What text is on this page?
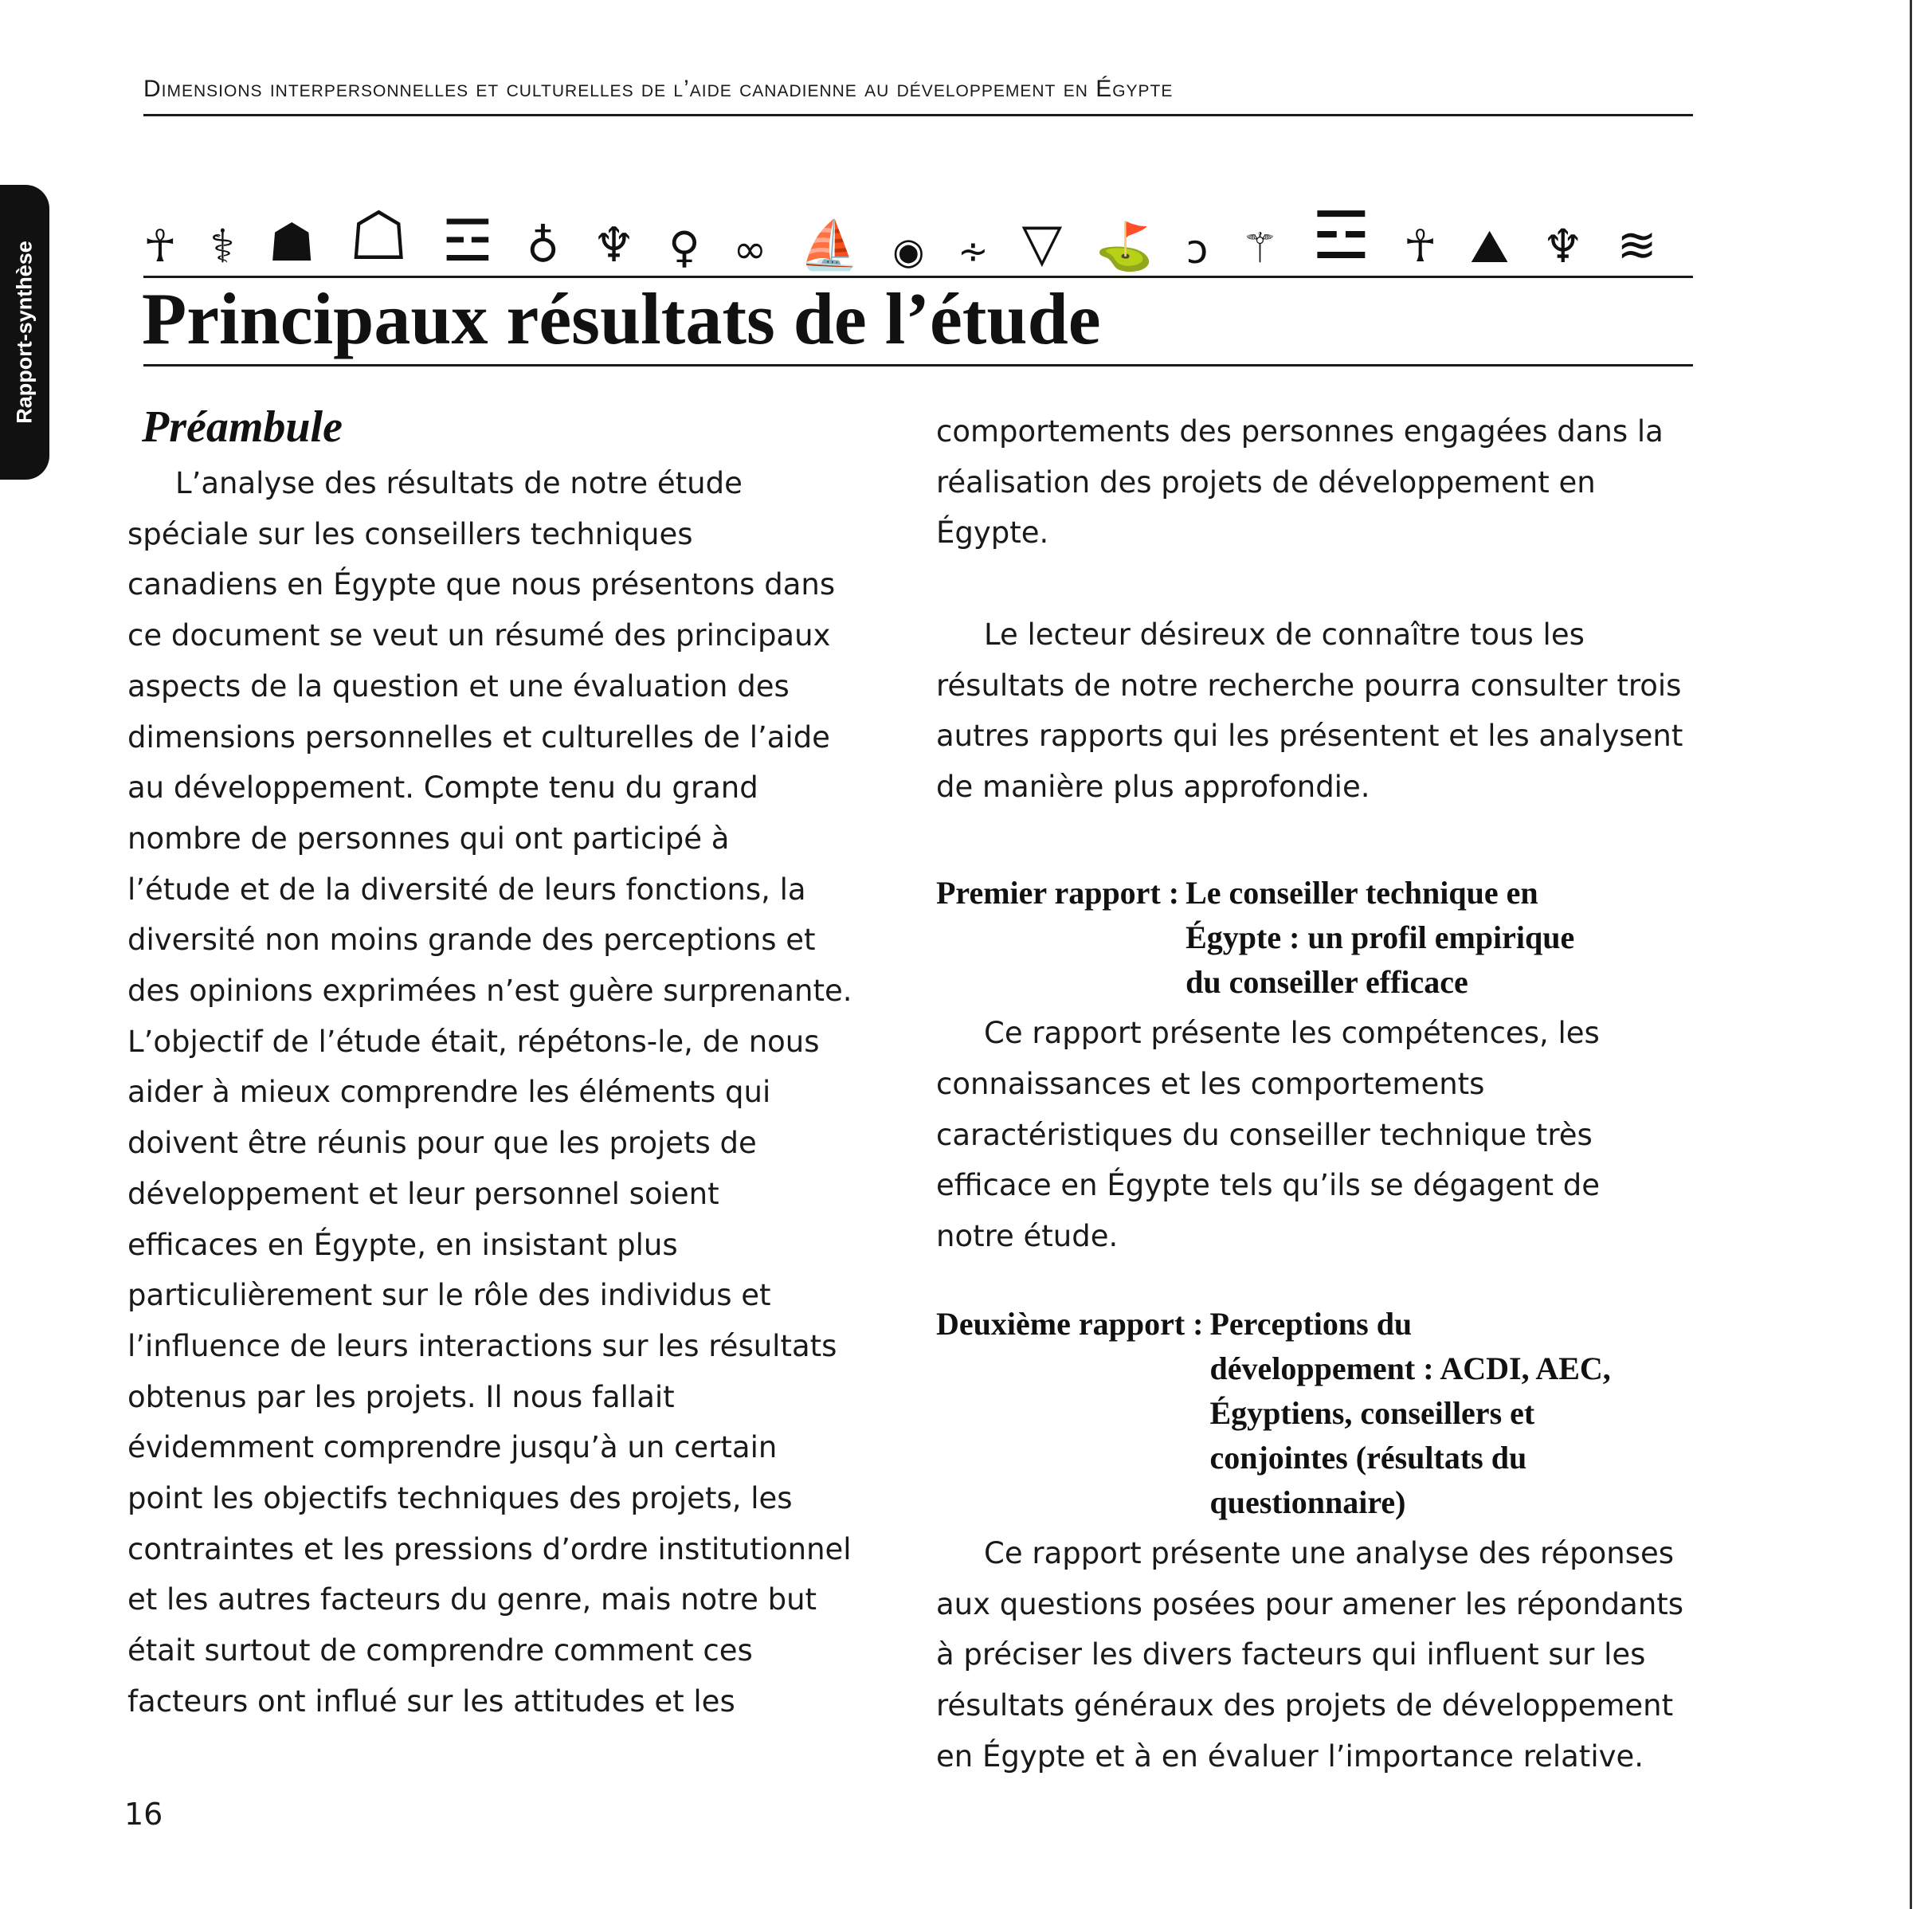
Dimensions interpersonnelles et culturelles de l’aide canadienne au développement en Égypte
Rapport-synthèse ☥ ⚕ ☗ ☖ ☲ ♁ ♆ ♀ ∞ ⛵ ◉ ∻ ▽ ⛳ ↄ ⚚ ☲ ☥ ⛰ ♆ ≋
Principaux résultats de l’étude
Préambule
L’analyse des résultats de notre étude
spéciale sur les conseillers techniques
canadiens en Égypte que nous présentons dans
ce document se veut un résumé des principaux
aspects de la question et une évaluation des
dimensions personnelles et culturelles de l’aide
au développement. Compte tenu du grand
nombre de personnes qui ont participé à
l’étude et de la diversité de leurs fonctions, la
diversité non moins grande des perceptions et
des opinions exprimées n’est guère surprenante.
L’objectif de l’étude était, répétons-le, de nous
aider à mieux comprendre les éléments qui
doivent être réunis pour que les projets de
développement et leur personnel soient
efficaces en Égypte, en insistant plus
particulièrement sur le rôle des individus et
l’influence de leurs interactions sur les résultats
obtenus par les projets. Il nous fallait
évidemment comprendre jusqu’à un certain
point les objectifs techniques des projets, les
contraintes et les pressions d’ordre institutionnel
et les autres facteurs du genre, mais notre but
était surtout de comprendre comment ces
facteurs ont influé sur les attitudes et les
comportements des personnes engagées dans la
réalisation des projets de développement en
Égypte.
Le lecteur désireux de connaître tous les
résultats de notre recherche pourra consulter trois
autres rapports qui les présentent et les analysent
de manière plus approfondie.
Premier rapport : Le conseiller technique en
Égypte : un profil empirique
du conseiller efficace
Ce rapport présente les compétences, les
connaissances et les comportements
caractéristiques du conseiller technique très
efficace en Égypte tels qu’ils se dégagent de
notre étude.
Deuxième rapport : Perceptions du
développement : ACDI, AEC,
Égyptiens, conseillers et
conjointes (résultats du
questionnaire)
Ce rapport présente une analyse des réponses
aux questions posées pour amener les répondants
à préciser les divers facteurs qui influent sur les
résultats généraux des projets de développement
en Égypte et à en évaluer l’importance relative.
16
